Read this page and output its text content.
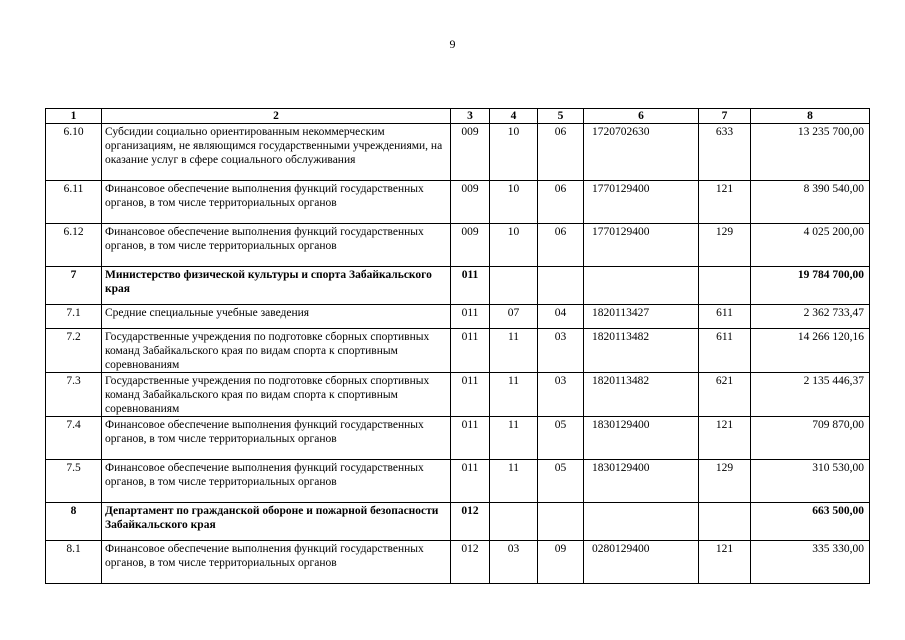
9
1	2	3	4	5	6	7	8
6.10	Субсидии социально ориентированным некоммерческим организациям, не являющимся государственными учреждениями, на оказание услуг в сфере социального обслуживания	009	10	06	1720702630	633	13 235 700,00
6.11	Финансовое обеспечение выполнения функций государственных органов, в том числе территориальных органов	009	10	06	1770129400	121	8 390 540,00
6.12	Финансовое обеспечение выполнения функций государственных органов, в том числе территориальных органов	009	10	06	1770129400	129	4 025 200,00
7	Министерство физической культуры и спорта Забайкальского края	011					19 784 700,00
7.1	Средние специальные учебные заведения	011	07	04	1820113427	611	2 362 733,47
7.2	Государственные учреждения по подготовке сборных спортивных команд Забайкальского края по видам спорта к спортивным соревнованиям	011	11	03	1820113482	611	14 266 120,16
7.3	Государственные учреждения по подготовке сборных спортивных команд Забайкальского края по видам спорта к спортивным соревнованиям	011	11	03	1820113482	621	2 135 446,37
7.4	Финансовое обеспечение выполнения функций государственных органов, в том числе территориальных органов	011	11	05	1830129400	121	709 870,00
7.5	Финансовое обеспечение выполнения функций государственных органов, в том числе территориальных органов	011	11	05	1830129400	129	310 530,00
8	Департамент по гражданской обороне и пожарной безопасности Забайкальского края	012					663 500,00
8.1	Финансовое обеспечение выполнения функций государственных органов, в том числе территориальных органов	012	03	09	0280129400	121	335 330,00
